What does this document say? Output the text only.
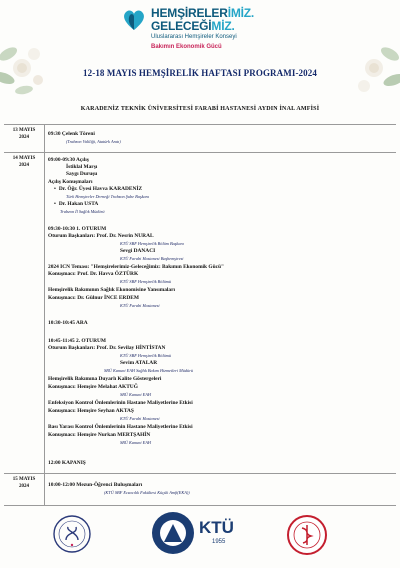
HEMŞİRELERİMİZ.
GELECEĞİMİZ.
Uluslararası Hemşireler Konseyi
Bakımın Ekonomik Gücü
12-18 MAYIS HEMŞİRELİK HAFTASI PROGRAMI-2024
KARADENİZ TEKNİK ÜNİVERSİTESİ FARABİ HASTANESİ AYDIN İNAL AMFİSİ
13 MAYIS
2024
09:30 Çelenk Töreni
(Trabzon Valiliği, Atatürk Anıtı)
14 MAYIS
2024
09:00-09:30 Açılış
İstiklal Marşı
Saygı Duruşu
Açılış Konuşmaları
• Dr. Öğr. Üyesi Havva KARADENİZ
Türk Hemşireler Derneği Trabzon Şube Başkanı
• Dr. Hakan USTA
Trabzon İl Sağlık Müdürü
09:30-10:30 1. OTURUM
Oturum Başkanları: Prof. Dr. Nesrin NURAL
KTÜ SBF Hemşirelik Bölüm Başkanı
Sevgi DANACI
KTÜ Farabi Hastanesi Başhemşiresi
2024 ICN Teması: "Hemşirelerimiz-Geleceğimiz: Bakımın Ekonomik Gücü"
Konuşmacı: Prof. Dr. Havva ÖZTÜRK
KTÜ SBF Hemşirelik Bölümü
Hemşirelik Bakımının Sağlık Ekonomisine Yansımaları
Konuşmacı: Dr. Gülnur İNCE ERDEM
KTÜ Farabi Hastanesi
10:30-10:45 ARA
10:45-11:45 2. OTURUM
Oturum Başkanları: Prof. Dr. Sevilay HİNTİSTAN
KTÜ SBF Hemşirelik Bölümü
Sevim ATALAR
SBÜ Kanuni EAH Sağlık Bakım Hizmetleri Müdürü
Hemşirelik Bakımına Duyarlı Kalite Göstergeleri
Konuşmacı: Hemşire Melahat AKTUĞ
SBÜ Kanuni EAH
Enfeksiyon Kontrol Önlemlerinin Hastane Maliyetlerine Etkisi
Konuşmacı: Hemşire Seyhan AKTAŞ
KTÜ Farabi Hastanesi
Bası Yarası Kontrol Önlemlerinin Hastane Maliyetlerine Etkisi
Konuşmacı: Hemşire Nurkan MERTŞAHİN
SBÜ Kanuni EAH
12:00 KAPANIŞ
15 MAYIS
2024	10:00-12:00 Mezun-Öğrenci Buluşmaları
(KTÜ SBF Eczacılık Fakültesi Küçük Amfi(EKA))
KTÜ
1955
